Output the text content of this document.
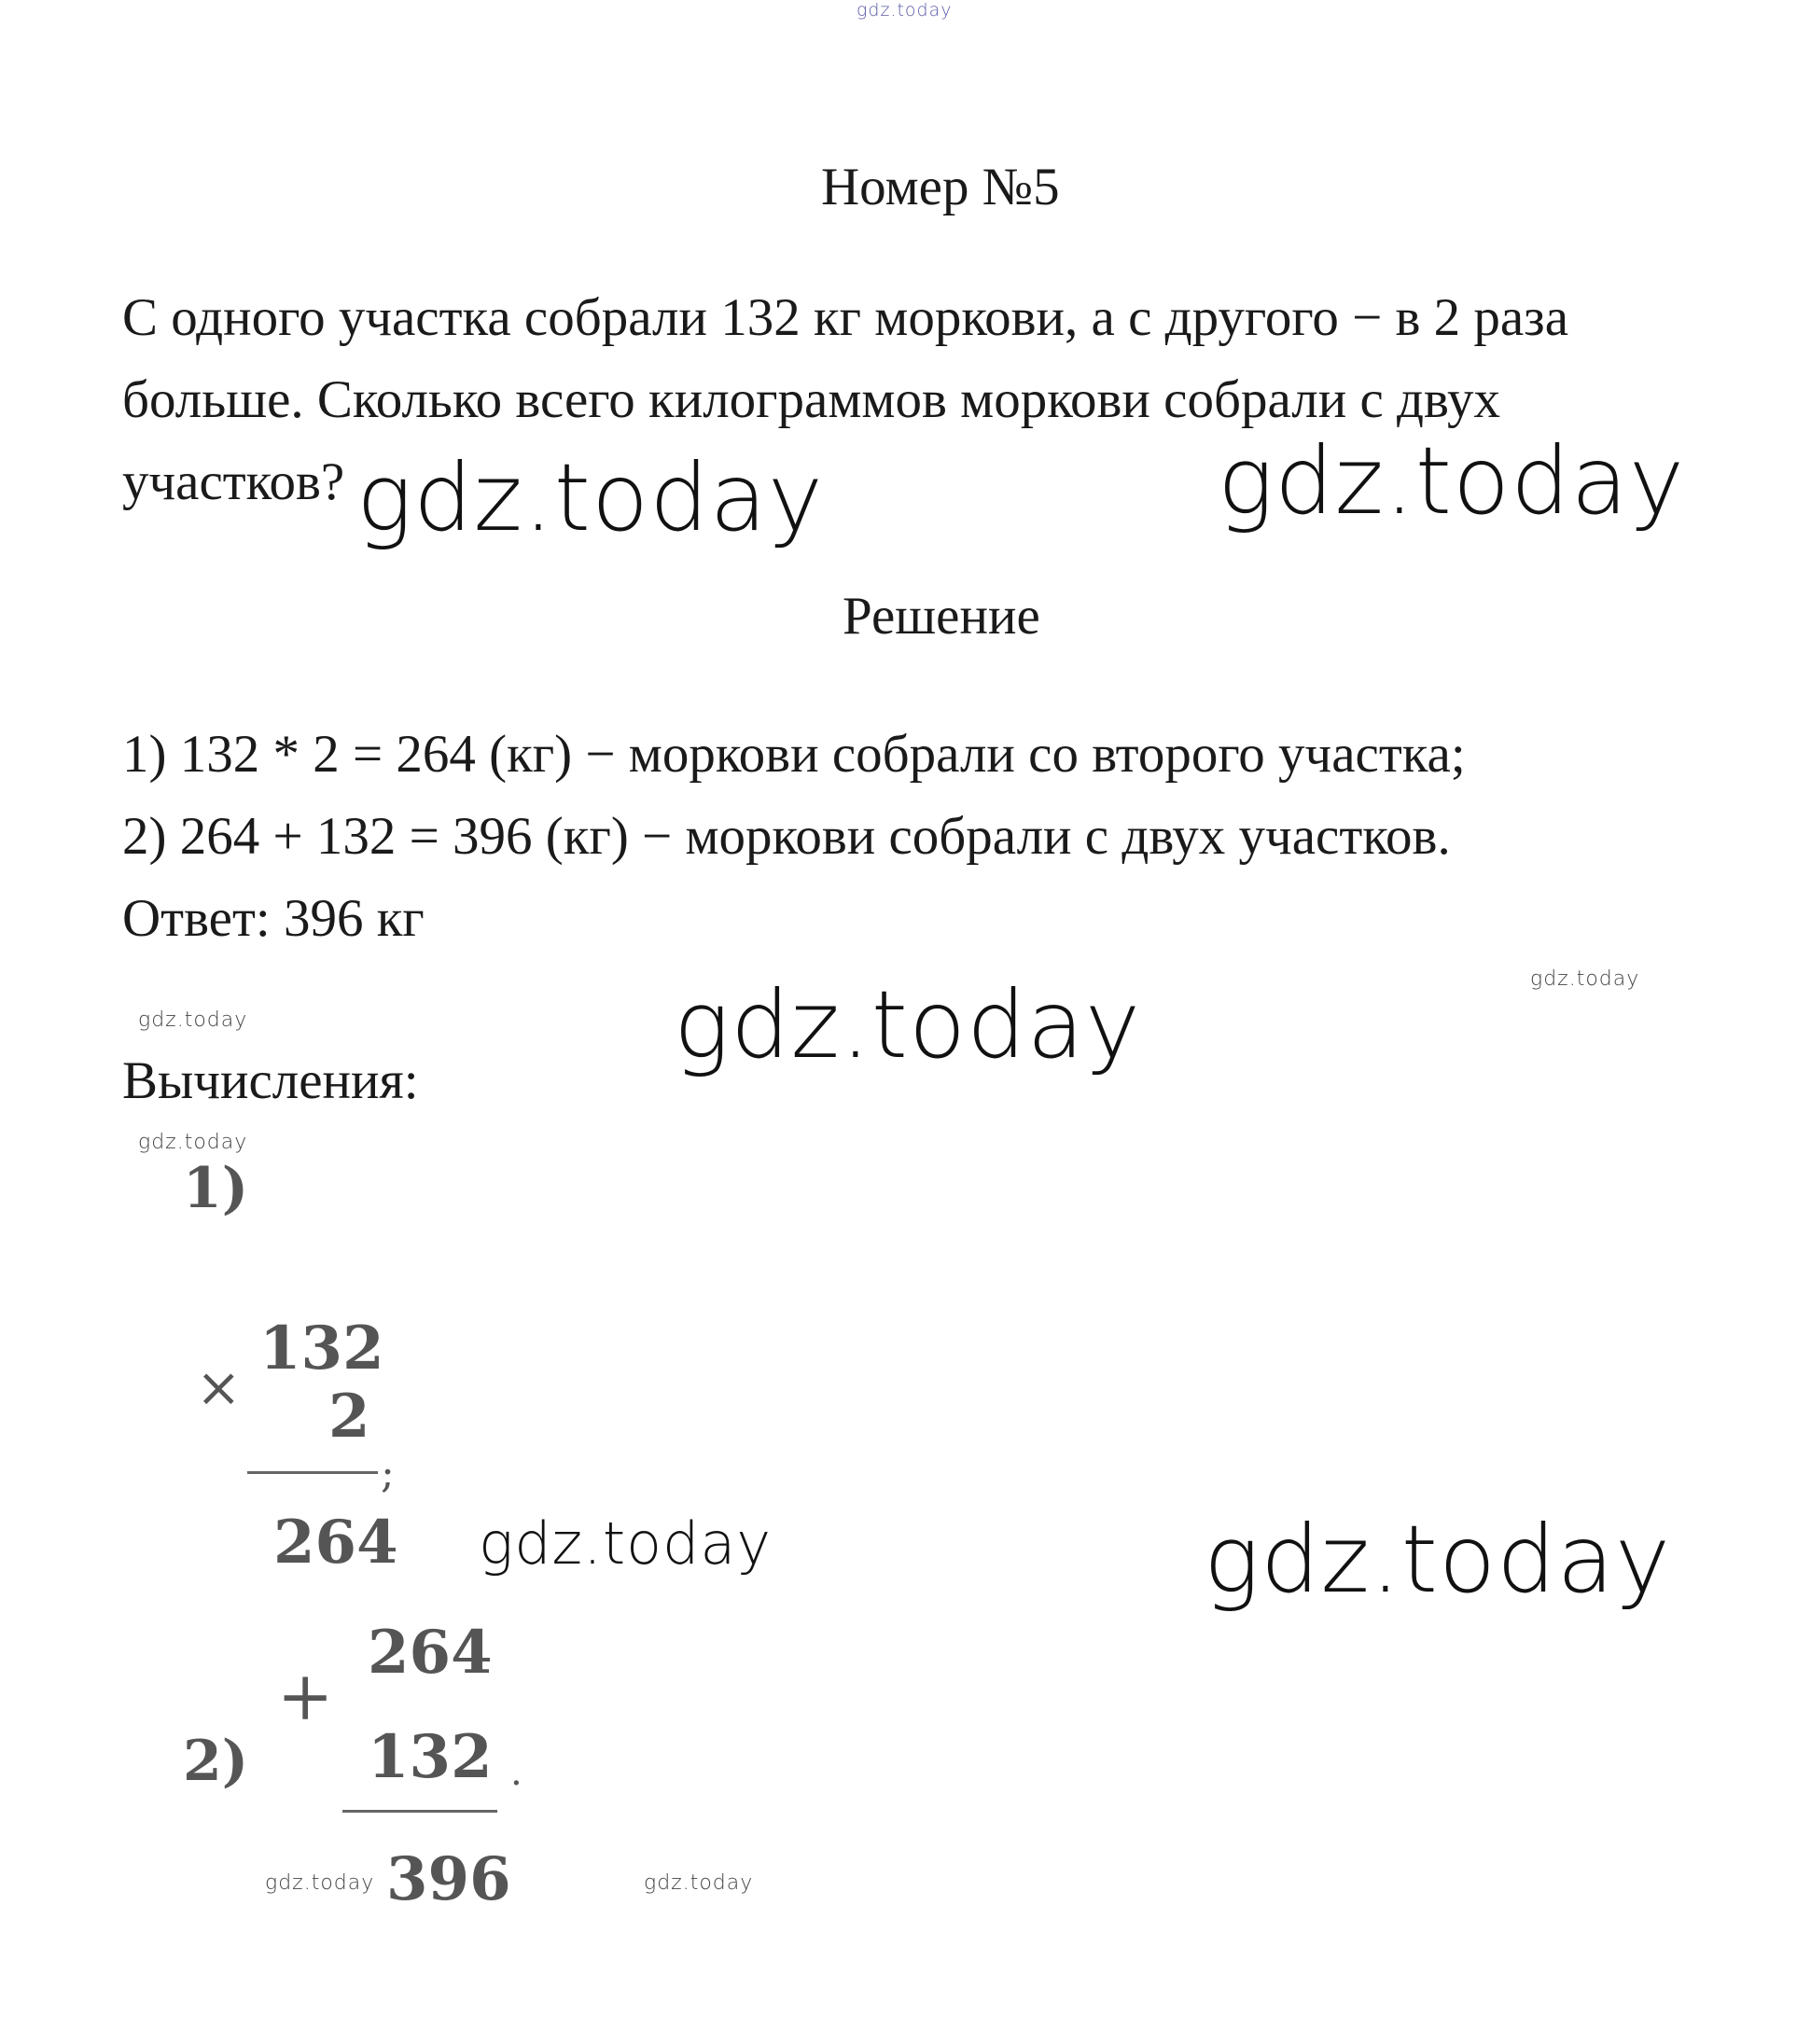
gdz.today
Номер №5
С одного участка собрали 132 кг моркови, а с другого − в 2 раза
больше. Сколько всего килограммов моркови собрали с двух
участков? gdz.today	gdz.today
Решение
1) 132 * 2 = 264 (кг) − моркови собрали со второго участка;
2) 264 + 132 = 396 (кг) − моркови собрали с двух участков.
Ответ: 396 кг
gdz.today
gdz.today	gdz.today
Вычисления:
gdz.today
1)
×
132
2
;
264 gdz.today	gdz.today
264
+
2) 132 .
396
gdz.today	gdz.today
